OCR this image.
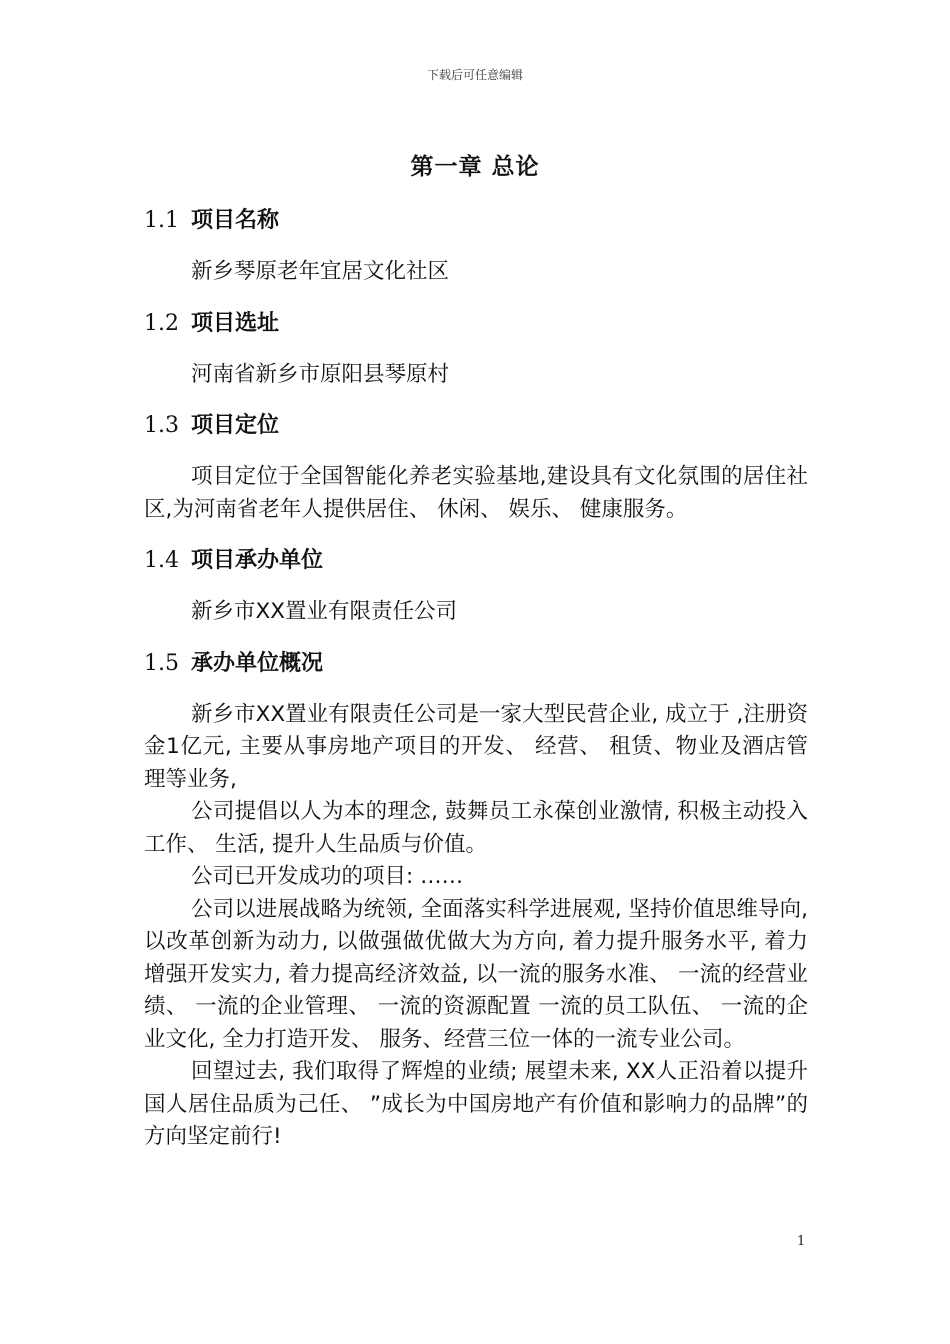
下载后可任意编辑
第一章 总论
1.1 项目名称

新乡琴原老年宜居文化社区

1.2 项目选址

河南省新乡市原阳县琴原村

1.3 项目定位

项目定位于全国智能化养老实验基地,建设具有文化氛围的居住社区,为河南省老年人提供居住、 休闲、 娱乐、 健康服务。

1.4 项目承办单位

新乡市XX置业有限责任公司

1.5 承办单位概况

新乡市XX置业有限责任公司是一家大型民营企业, 成立于 ,注册资金1亿元, 主要从事房地产项目的开发、 经营、 租赁、物业及酒店管理等业务,

公司提倡以人为本的理念, 鼓舞员工永葆创业激情, 积极主动投入工作、 生活, 提升人生品质与价值。

公司已开发成功的项目: ……

公司以进展战略为统领, 全面落实科学进展观, 坚持价值思维导向, 以改革创新为动力, 以做强做优做大为方向, 着力提升服务水平, 着力增强开发实力, 着力提高经济效益, 以一流的服务水准、 一流的经营业绩、 一流的企业管理、 一流的资源配置 一流的员工队伍、 一流的企业文化, 全力打造开发、 服务、经营三位一体的一流专业公司。

回望过去, 我们取得了辉煌的业绩; 展望未来, XX人正沿着以提升国人居住品质为己任、 ”成长为中国房地产有价值和影响力的品牌”的方向坚定前行!

1
